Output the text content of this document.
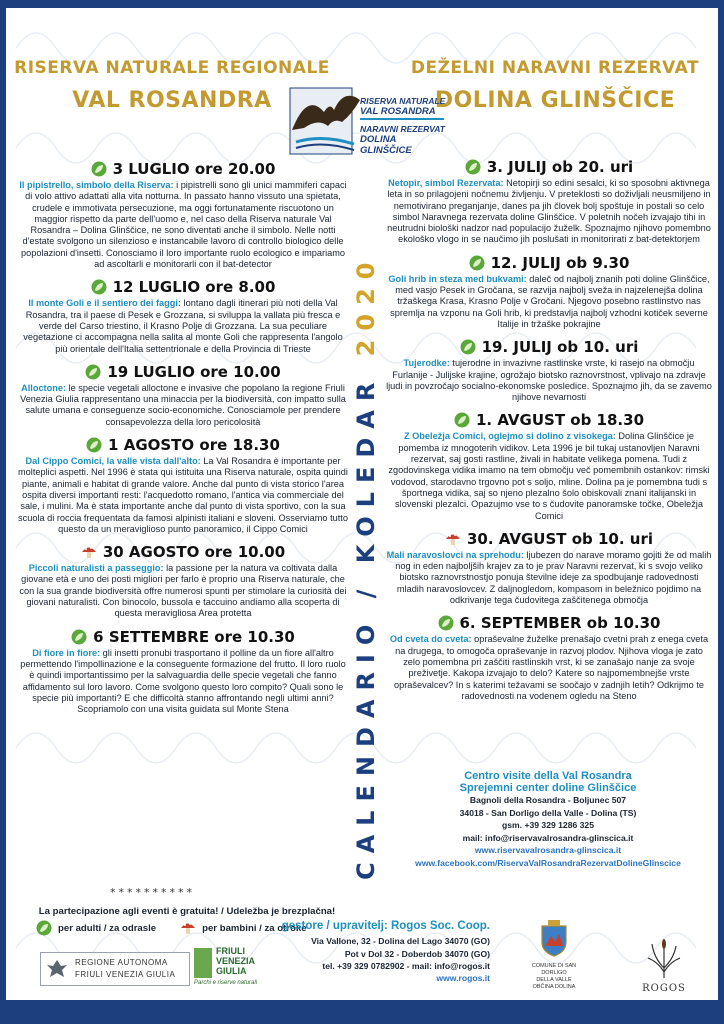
RISERVA NATURALE REGIONALE
VAL ROSANDRA
DEŽELNI NARAVNI REZERVAT
DOLINA GLINŠČICE
RISERVA NATURALE
VAL ROSANDRA
NARAVNI REZERVAT
DOLINA GLINŠČICE
3 LUGLIO ore 20.00
Il pipistrello, simbolo della Riserva: i pipistrelli sono gli unici mammiferi capaci di volo attivo adattati alla vita notturna. In passato hanno vissuto una spietata, crudele e immotivata persecuzione, ma oggi fortunatamente riscuotono un maggior rispetto da parte dell'uomo e, nel caso della Riserva naturale Val Rosandra – Dolina Glinščice, ne sono diventati anche il simbolo. Nelle notti d'estate svolgono un silenzioso e instancabile lavoro di controllo biologico delle popolazioni d'insetti. Conosciamo il loro importante ruolo ecologico e impariamo ad ascoltarli e monitorarli con il bat-detector
12 LUGLIO ore 8.00
Il monte Goli e il sentiero dei faggi: lontano dagli itinerari più noti della Val Rosandra, tra il paese di Pesek e Grozzana, si sviluppa la vallata più fresca e verde del Carso triestino, il Krasno Polje di Grozzana. La sua peculiare vegetazione ci accompagna nella salita al monte Goli che rappresenta l'angolo più orientale dell'Italia settentrionale e della Provincia di Trieste
19 LUGLIO ore 10.00
Alloctone: le specie vegetali alloctone e invasive che popolano la regione Friuli Venezia Giulia rappresentano una minaccia per la biodiversità, con impatto sulla salute umana e conseguenze socio-economiche. Conosciamole per prendere consapevolezza della loro pericolosità
1 AGOSTO ore 18.30
Dal Cippo Comici, la valle vista dall'alto: La Val Rosandra è importante per molteplici aspetti. Nel 1996 è stata qui istituita una Riserva naturale, ospita quindi piante, animali e habitat di grande valore. Anche dal punto di vista storico l'area ospita diversi importanti resti: l'acquedotto romano, l'antica via commerciale del sale, i mulini. Ma è stata importante anche dal punto di vista sportivo, con la sua scuola di roccia frequentata da famosi alpinisti italiani e sloveni. Osserviamo tutto questo da un meraviglioso punto panoramico, il Cippo Comici
30 AGOSTO ore 10.00
Piccoli naturalisti a passeggio: la passione per la natura va coltivata dalla giovane età e uno dei posti migliori per farlo è proprio una Riserva naturale, che con la sua grande biodiversità offre numerosi spunti per stimolare la curiosità dei giovani naturalisti. Con binocolo, bussola e taccuino andiamo alla scoperta di questa meravigliosa Area protetta
6 SETTEMBRE ore 10.30
Di fiore in fiore: gli insetti pronubi trasportano il polline da un fiore all'altro permettendo l'impollinazione e la conseguente formazione del frutto. Il loro ruolo è quindi importantissimo per la salvaguardia delle specie vegetali che fanno affidamento sul loro lavoro. Come svolgono questo loro compito? Quali sono le specie più importanti? E che difficoltà stanno affrontando negli ultimi anni? Scopriamolo con una visita guidata sul Monte Stena
3. JULIJ ob 20. uri
Netopir, simbol Rezervata: Netopirji so edini sesalci, ki so sposobni aktivnega leta in so prilagojeni nočnemu življenju. V preteklosti so doživljali neusmiljeno in nemotivirano preganjanje, danes pa jih človek bolj spoštuje in postali so celo simbol Naravnega rezervata doline Glinščice. V poletnih nočeh izvajajo tihi in neutrudni biološki nadzor nad populacijo žuželk. Spoznajmo njihovo pomembno ekološko vlogo in se naučimo jih poslušati in monitorirati z bat-detektorjem
12. JULIJ ob 9.30
Goli hrib in steza med bukvami: daleč od najbolj znanih poti doline Glinščice, med vasjo Pesek in Gročana, se razvija najbolj sveža in najzelenejša dolina tržaškega Krasa, Krasno Polje v Gročani. Njegovo posebno rastlinstvo nas spremlja na vzponu na Goli hrib, ki predstavlja najbolj vzhodni kotiček severne Italije in tržaške pokrajine
19. JULIJ ob 10. uri
Tujerodke: tujerodne in invazivne rastlinske vrste, ki rasejo na območju Furlanije - Julijske krajine, ogrožajo biotsko raznovrstnost, vplivajo na zdravje ljudi in povzročajo socialno-ekonomske posledice. Spoznajmo jih, da se zavemo njihove nevarnosti
1. AVGUST ob 18.30
Z Obeležja Comici, oglejmo si dolino z visokega: Dolina Glinščice je pomemba iz mnogoterih vidikov. Leta 1996 je bil tukaj ustanovljen Naravni rezervat, saj gosti rastline, živali in habitate velikega pomena. Tudi z zgodovinskega vidika imamo na tem območju več pomembnih ostankov: rimski vodovod, starodavno trgovno pot s soljo, mline. Dolina pa je pomembna tudi s športnega vidika, saj so njeno plezalno šolo obiskovali znani italijanski in slovenski plezalci. Opazujmo vse to s čudovite panoramske točke, Obeležja Comici
30. AVGUST ob 10. uri
Mali naravoslovci na sprehodu: ljubezen do narave moramo gojiti že od malih nog in eden najboljših krajev za to je prav Naravni rezervat, ki s svojo veliko biotsko raznovrstnostjo ponuja številne ideje za spodbujanje radovednosti mladih naravoslovcev. Z daljnogledom, kompasom in beležnico pojdimo na odkrivanje tega čudovitega zaščitenega območja
6. SEPTEMBER ob 10.30
Od cveta do cveta: opraševalne žuželke prenašajo cvetni prah z enega cveta na drugega, to omogoča opraševanje in razvoj plodov. Njihova vloga je zato zelo pomembna pri zaščiti rastlinskih vrst, ki se zanašajo nanje za svoje preživetje. Kakopa izvajajo to delo? Katere so najpomembnejše vrste opraševalcev? In s katerimi težavami se soočajo v zadnjih letih? Odkrijmo te radovednosti na vodenem ogledu na Steno
CALENDARIO / KOLEDAR 2020
**********
La partecipazione agli eventi è gratuita! / Udeležba je brezplačna!
per adulti / za odrasle	per bambini / za otroke
Centro visite della Val Rosandra
Sprejemni center doline Glinščice
Bagnoli della Rosandra - Boljunec 507
34018 - San Dorligo della Valle - Dolina (TS)
gsm. +39 329 1286 325
mail: info@riservavalrosandra-glinscica.it
www.riservavalrosandra-glinscica.it
www.facebook.com/RiservaValRosandraRezervatDolineGlinscice
gestore / upravitelj: Rogos Soc. Coop.
Via Vallone, 32 - Dolina del Lago 34070 (GO)
Pot v Dol 32 - Doberdob 34070 (GO)
tel. +39 329 0782902 - mail: info@rogos.it
www.rogos.it
REGIONE AUTONOMA
FRIULI VENEZIA GIULIA
FRIULI
VENEZIA
GIULIA
Parchi e riserve naturali
COMUNE DI SAN DORLIGO
DELLA VALLE
OBČINA DOLINA	ROGOS
